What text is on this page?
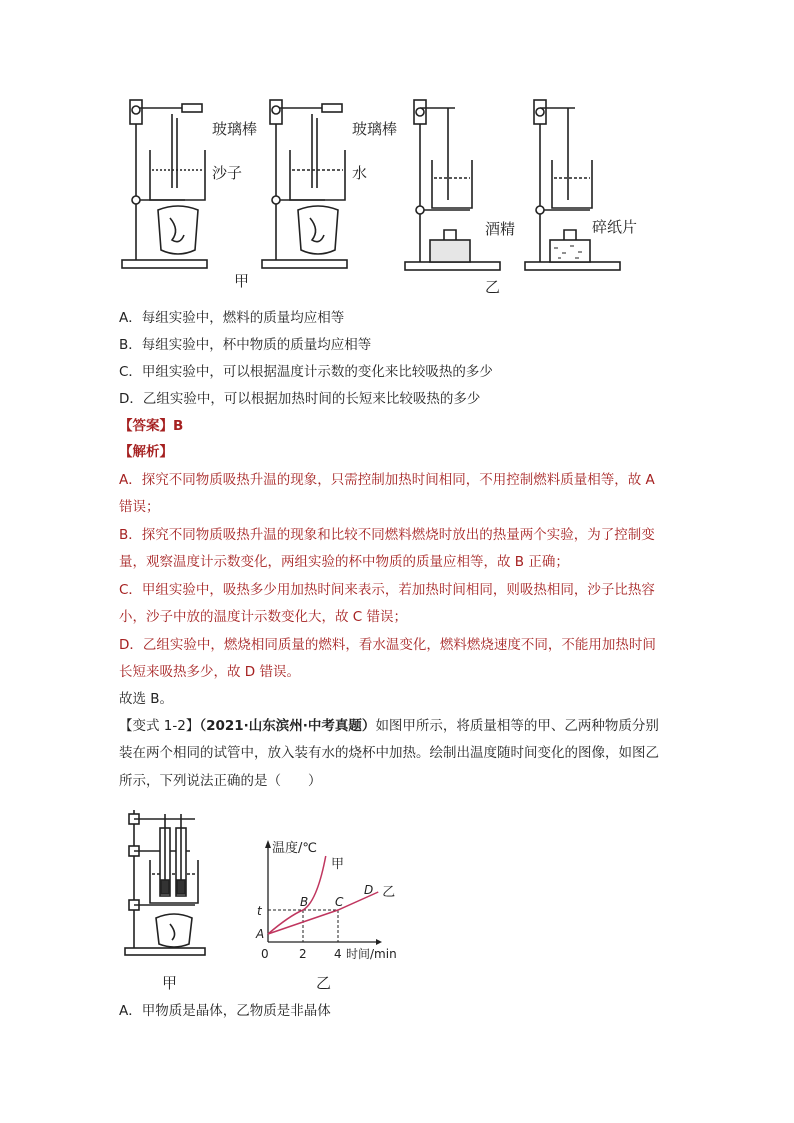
玻璃棒
沙子
玻璃棒
水
酒精	碎纸片
甲	乙
A．每组实验中，燃料的质量均应相等
B．每组实验中，杯中物质的质量均应相等
C．甲组实验中，可以根据温度计示数的变化来比较吸热的多少
D．乙组实验中，可以根据加热时间的长短来比较吸热的多少
【答案】B
【解析】
A．探究不同物质吸热升温的现象，只需控制加热时间相同，不用控制燃料质量相等，故 A
错误；
B．探究不同物质吸热升温的现象和比较不同燃料燃烧时放出的热量两个实验，为了控制变
量，观察温度计示数变化，两组实验的杯中物质的质量应相等，故 B 正确；
C．甲组实验中，吸热多少用加热时间来表示，若加热时间相同，则吸热相同，沙子比热容
小，沙子中放的温度计示数变化大，故 C 错误；
D．乙组实验中，燃烧相同质量的燃料，看水温变化，燃料燃烧速度不同，不能用加热时间
长短来吸热多少，故 D 错误。
故选 B。
【变式 1-2】（2021·山东滨州·中考真题）如图甲所示，将质量相等的甲、乙两种物质分别
装在两个相同的试管中，放入装有水的烧杯中加热。绘制出温度随时间变化的图像，如图乙
所示，下列说法正确的是（　　）
甲
温度/℃
时间/min
0	2 4
t
A
B C
D
甲
乙
乙
A．甲物质是晶体，乙物质是非晶体
